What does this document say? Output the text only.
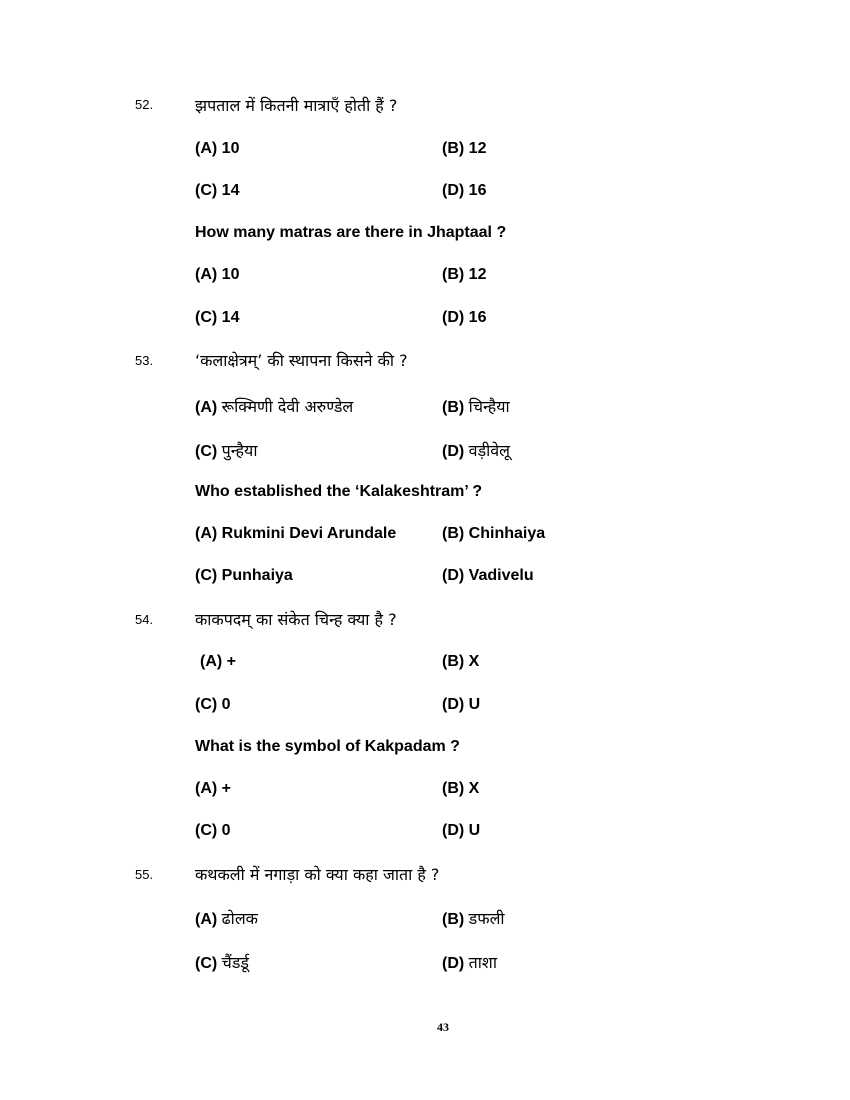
52.	झपताल में कितनी मात्राएँ होती हैं ?
(A) 10	(B) 12
(C) 14	(D) 16
How many matras are there in Jhaptaal ?
(A) 10	(B) 12
(C) 14	(D) 16
53.	‘कलाक्षेत्रम्’ की स्थापना किसने की ?
(A) रूक्मिणी देवी अरुण्डेल	(B) चिन्हैया
(C) पुन्हैया	(D) वड़ीवेलू
Who established the ‘Kalakeshtram’ ?
(A) Rukmini Devi Arundale	(B) Chinhaiya
(C) Punhaiya	(D) Vadivelu
54.	काकपदम् का संकेत चिन्ह क्या है ?
(A) +	(B) X
(C) 0	(D) U
What is the symbol of Kakpadam ?
(A) +	(B) X
(C) 0	(D) U
55.	कथकली में नगाड़ा को क्या कहा जाता है ?
(A) ढोलक	(B) डफली
(C) चैंडर्डू	(D) ताशा
43
